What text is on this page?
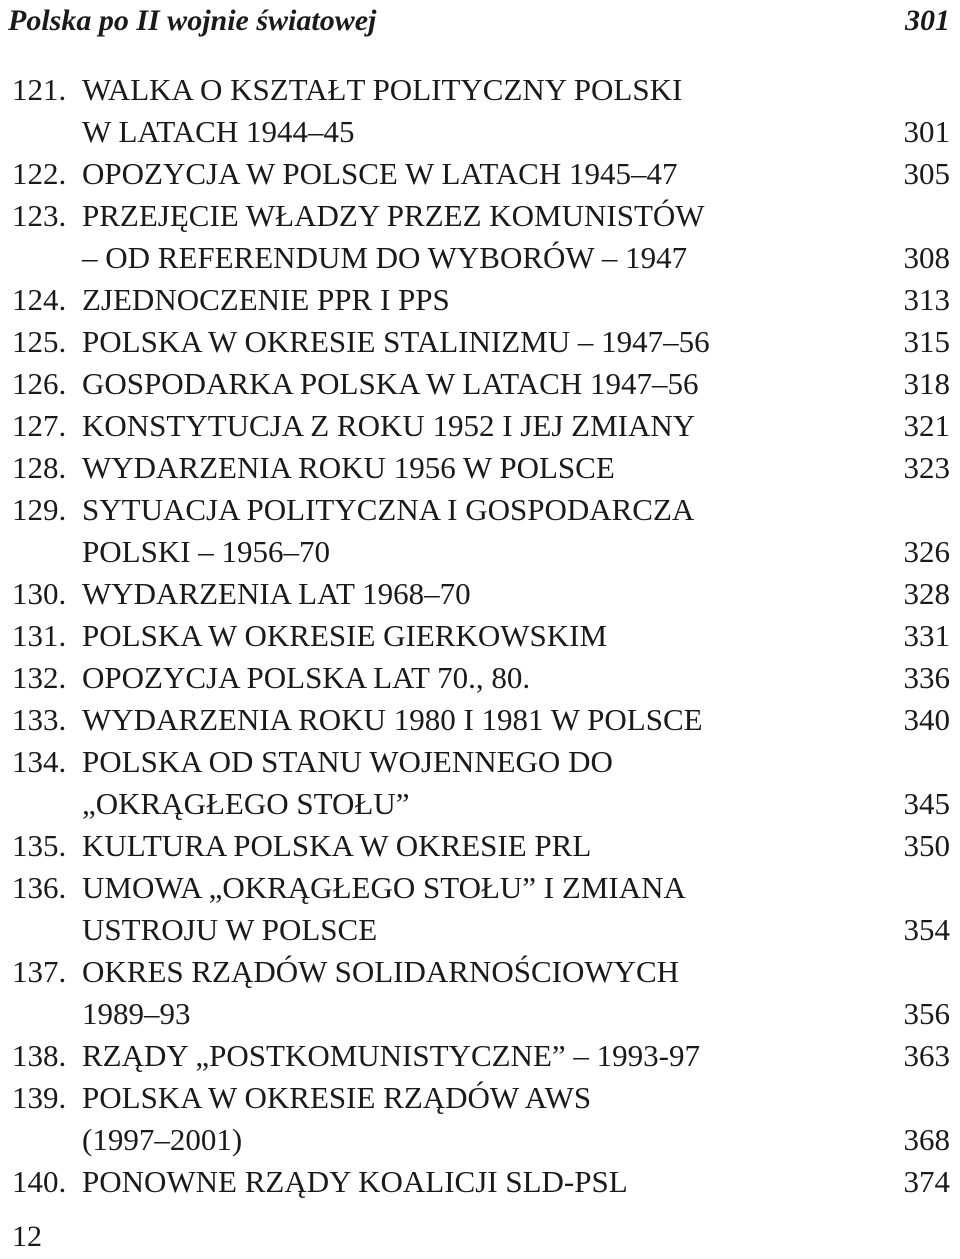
Polska po II wojnie światowej	301
121. WALKA O KSZTAŁT POLITYCZNY POLSKI
W LATACH 1944–45	301
122. OPOZYCJA W POLSCE W LATACH 1945–47	305
123. PRZEJĘCIE WŁADZY PRZEZ KOMUNISTÓW
– OD REFERENDUM DO WYBORÓW – 1947	308
124. ZJEDNOCZENIE PPR I PPS	313
125. POLSKA W OKRESIE STALINIZMU – 1947–56	315
126. GOSPODARKA POLSKA W LATACH 1947–56	318
127. KONSTYTUCJA Z ROKU 1952 I JEJ ZMIANY	321
128. WYDARZENIA ROKU 1956 W POLSCE	323
129. SYTUACJA POLITYCZNA I GOSPODARCZA
POLSKI – 1956–70	326
130. WYDARZENIA LAT 1968–70	328
131. POLSKA W OKRESIE GIERKOWSKIM	331
132. OPOZYCJA POLSKA LAT 70., 80.	336
133. WYDARZENIA ROKU 1980 I 1981 W POLSCE	340
134. POLSKA OD STANU WOJENNEGO DO
„OKRĄGŁEGO STOŁU”	345
135. KULTURA POLSKA W OKRESIE PRL	350
136. UMOWA „OKRĄGŁEGO STOŁU” I ZMIANA
USTROJU W POLSCE	354
137. OKRES RZĄDÓW SOLIDARNOŚCIOWYCH
1989–93	356
138. RZĄDY „POSTKOMUNISTYCZNE” – 1993-97	363
139. POLSKA W OKRESIE RZĄDÓW AWS
(1997–2001)	368
140. PONOWNE RZĄDY KOALICJI SLD-PSL	374
12
